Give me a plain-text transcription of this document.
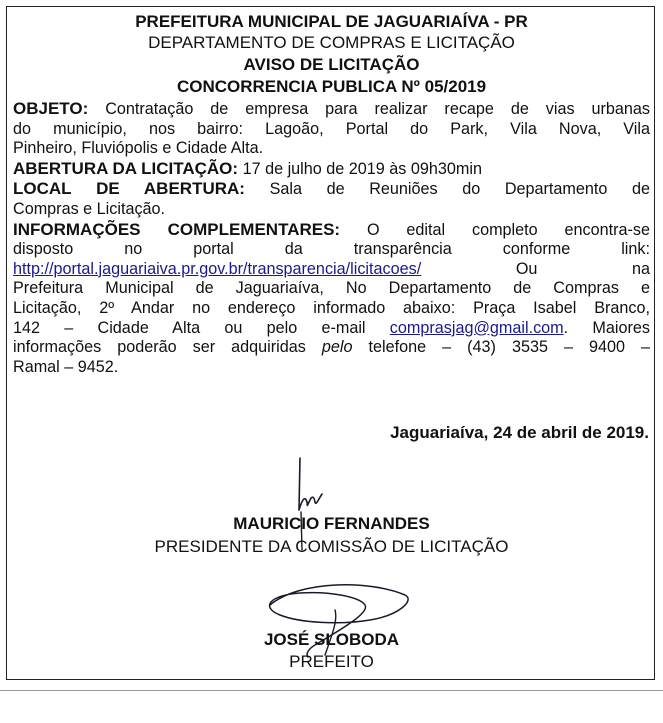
PREFEITURA MUNICIPAL DE JAGUARIAÍVA - PR
DEPARTAMENTO DE COMPRAS E LICITAÇÃO
AVISO DE LICITAÇÃO
CONCORRENCIA PUBLICA Nº 05/2019

OBJETO: Contratação de empresa para realizar recape de vias urbanas

do município, nos bairro: Lagoão, Portal do Park, Vila Nova, Vila

Pinheiro, Fluviópolis e Cidade Alta.

ABERTURA DA LICITAÇÃO: 17 de julho de 2019 às 09h30min

LOCAL DE ABERTURA: Sala de Reuniões do Departamento de

Compras e Licitação.

INFORMAÇÕES COMPLEMENTARES: O edital completo encontra-se

disposto no portal da transparência conforme link:

http://portal.jaguariaiva.pr.gov.br/transparencia/licitacoes/	Ou na

Prefeitura Municipal de Jaguariaíva, No Departamento de Compras e

Licitação, 2º Andar no endereço informado abaixo: Praça Isabel Branco,

142 – Cidade Alta ou pelo e-mail comprasjag@gmail.com. Maiores

informações poderão ser adquiridas pelo telefone – (43) 3535 – 9400 –

Ramal – 9452.

Jaguariaíva, 24 de abril de 2019.
MAURICIO FERNANDES
PRESIDENTE DA COMISSÃO DE LICITAÇÃO
JOSÉ SLOBODA
PREFEITO
